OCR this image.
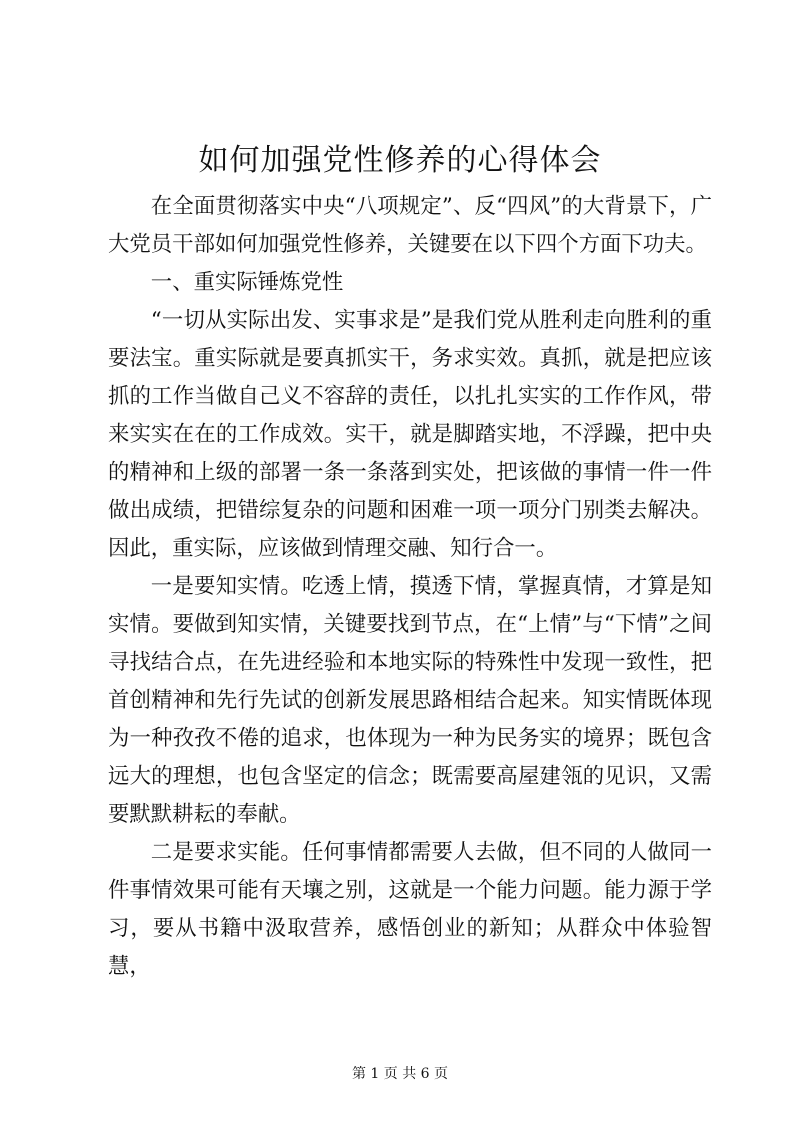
如何加强党性修养的心得体会

在全面贯彻落实中央“八项规定”、反“四风”的大背景下，广大党员干部如何加强党性修养，关键要在以下四个方面下功夫。

一、重实际锤炼党性

“一切从实际出发、实事求是”是我们党从胜利走向胜利的重要法宝。重实际就是要真抓实干，务求实效。真抓，就是把应该抓的工作当做自己义不容辞的责任，以扎扎实实的工作作风，带来实实在在的工作成效。实干，就是脚踏实地，不浮躁，把中央的精神和上级的部署一条一条落到实处，把该做的事情一件一件做出成绩，把错综复杂的问题和困难一项一项分门别类去解决。因此，重实际，应该做到情理交融、知行合一。

一是要知实情。吃透上情，摸透下情，掌握真情，才算是知实情。要做到知实情，关键要找到节点，在“上情”与“下情”之间寻找结合点，在先进经验和本地实际的特殊性中发现一致性，把首创精神和先行先试的创新发展思路相结合起来。知实情既体现为一种孜孜不倦的追求，也体现为一种为民务实的境界；既包含远大的理想，也包含坚定的信念；既需要高屋建瓴的见识，又需要默默耕耘的奉献。

二是要求实能。任何事情都需要人去做，但不同的人做同一件事情效果可能有天壤之别，这就是一个能力问题。能力源于学习，要从书籍中汲取营养，感悟创业的新知；从群众中体验智慧，

第 1 页 共 6 页
